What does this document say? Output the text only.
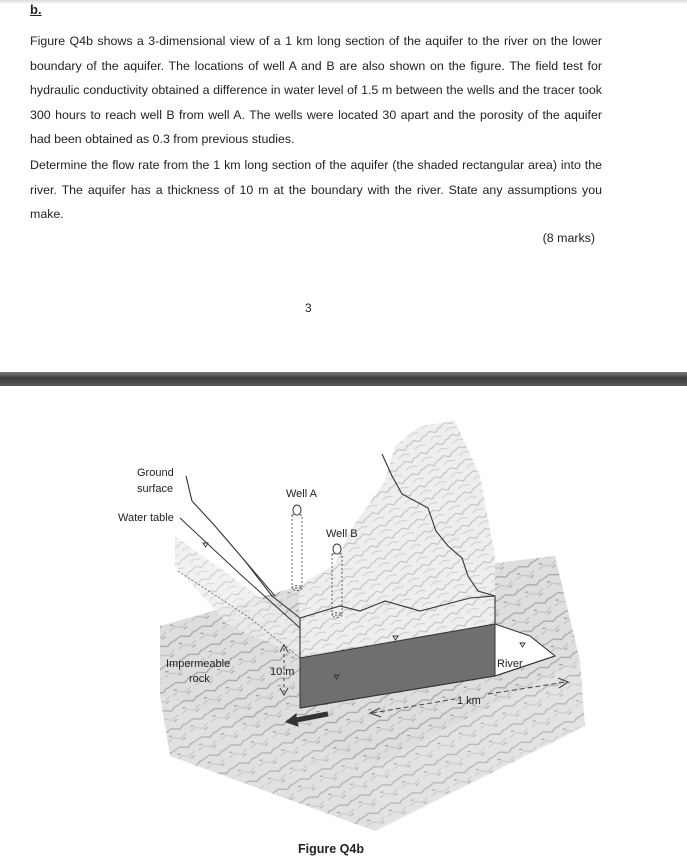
b.

Figure Q4b shows a 3-dimensional view of a 1 km long section of the aquifer to the river on the lower boundary of the aquifer. The locations of well A and B are also shown on the figure. The field test for hydraulic conductivity obtained a difference in water level of 1.5 m between the wells and the tracer took 300 hours to reach well B from well A. The wells were located 30 apart and the porosity of the aquifer had been obtained as 0.3 from previous studies.

Determine the flow rate from the 1 km long section of the aquifer (the shaded rectangular area) into the river. The aquifer has a thickness of 10 m at the boundary with the river. State any assumptions you make.

(8 marks)
3
Ground
surface
Water table
Well A
Well B
Impermeable
rock
10 m
1 km
River
Figure Q4b
